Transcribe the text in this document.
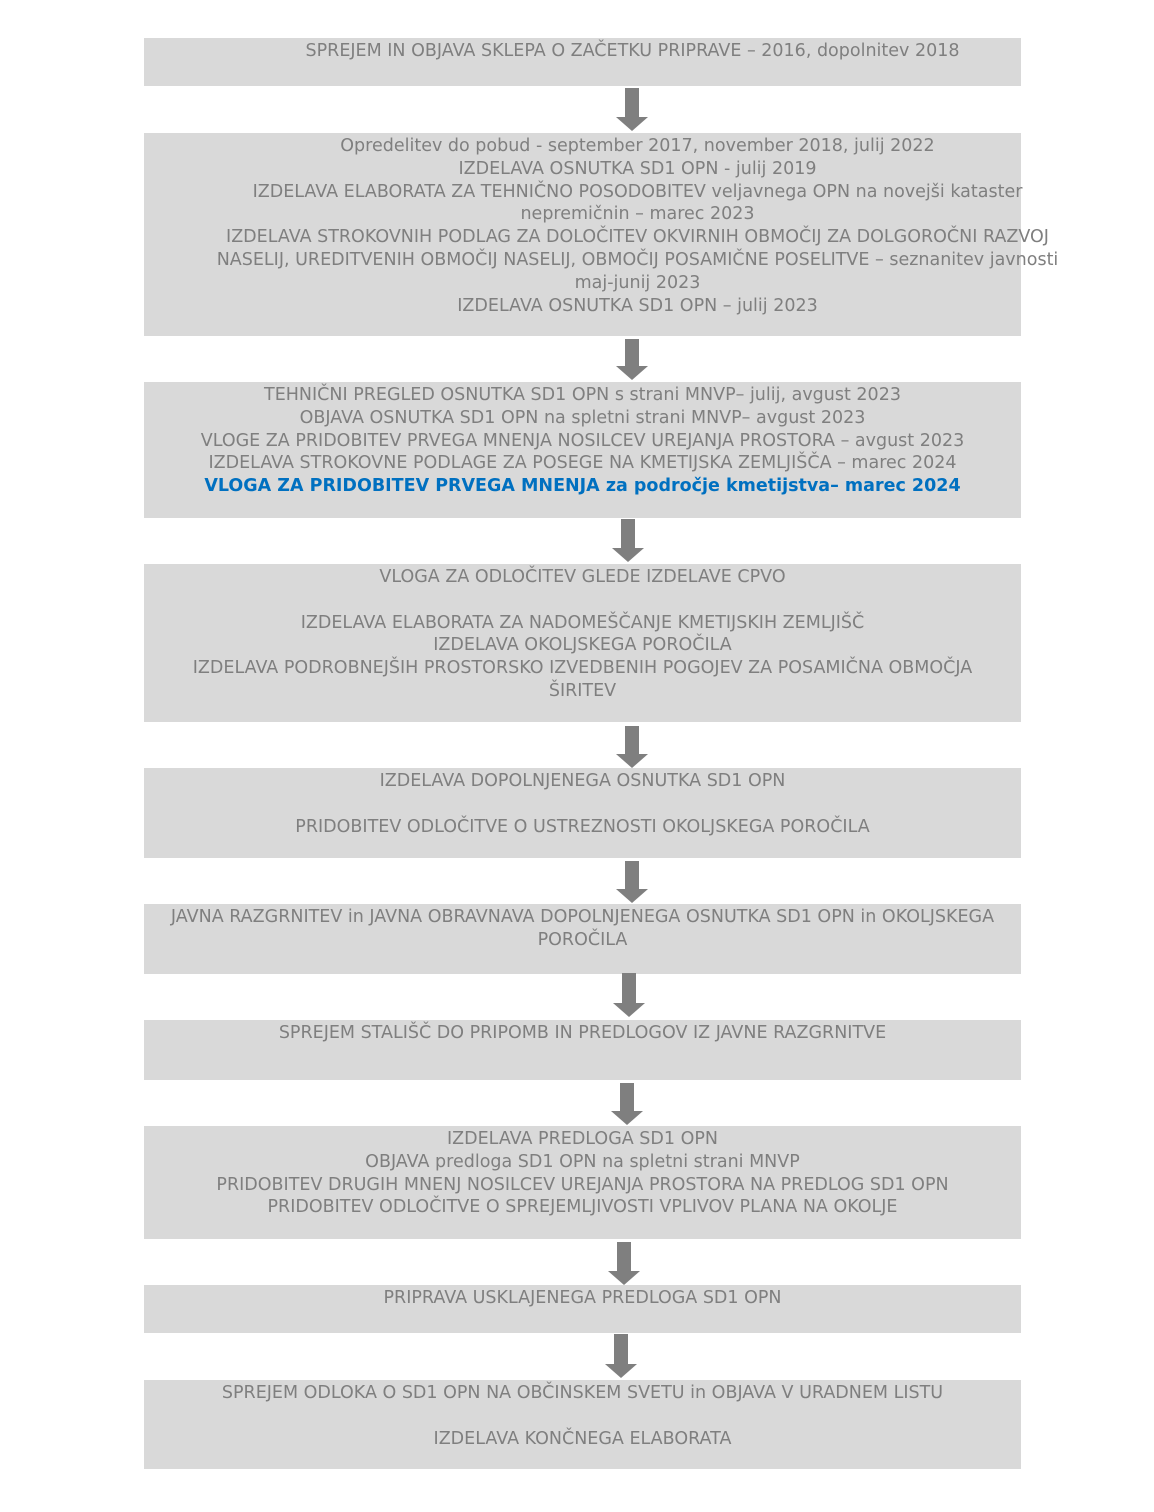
SPREJEM IN OBJAVA SKLEPA O ZAČETKU PRIPRAVE – 2016, dopolnitev 2018
Opredelitev do pobud - september 2017, november 2018, julij 2022
IZDELAVA OSNUTKA SD1 OPN - julij 2019
IZDELAVA ELABORATA ZA TEHNIČNO POSODOBITEV veljavnega OPN na novejši kataster nepremičnin – marec 2023
IZDELAVA STROKOVNIH PODLAG ZA DOLOČITEV OKVIRNIH OBMOČIJ ZA DOLGOROČNI RAZVOJ NASELIJ, UREDITVENIH OBMOČIJ NASELIJ, OBMOČIJ POSAMIČNE POSELITVE – seznanitev javnosti maj-junij 2023
IZDELAVA OSNUTKA SD1 OPN – julij 2023
TEHNIČNI PREGLED OSNUTKA SD1 OPN s strani MNVP– julij, avgust 2023
OBJAVA OSNUTKA SD1 OPN na spletni strani MNVP– avgust 2023
VLOGE ZA PRIDOBITEV PRVEGA MNENJA NOSILCEV UREJANJA PROSTORA – avgust 2023
IZDELAVA STROKOVNE PODLAGE ZA POSEGE NA KMETIJSKA ZEMLJIŠČA – marec 2024
VLOGA ZA PRIDOBITEV PRVEGA MNENJA za področje kmetijstva– marec 2024
VLOGA ZA ODLOČITEV GLEDE IZDELAVE CPVO
IZDELAVA ELABORATA ZA NADOMEŠČANJE KMETIJSKIH ZEMLJIŠČ
IZDELAVA OKOLJSKEGA POROČILA
IZDELAVA PODROBNEJŠIH PROSTORSKO IZVEDBENIH POGOJEV ZA POSAMIČNA OBMOČJA ŠIRITEV
IZDELAVA DOPOLNJENEGA OSNUTKA SD1 OPN
PRIDOBITEV ODLOČITVE O USTREZNOSTI OKOLJSKEGA POROČILA
JAVNA RAZGRNITEV in JAVNA OBRAVNAVA DOPOLNJENEGA OSNUTKA SD1 OPN in OKOLJSKEGA POROČILA
SPREJEM STALIŠČ DO PRIPOMB IN PREDLOGOV IZ JAVNE RAZGRNITVE
IZDELAVA PREDLOGA SD1 OPN
OBJAVA predloga SD1 OPN na spletni strani MNVP
PRIDOBITEV DRUGIH MNENJ NOSILCEV UREJANJA PROSTORA NA PREDLOG SD1 OPN
PRIDOBITEV ODLOČITVE O SPREJEMLJIVOSTI VPLIVOV PLANA NA OKOLJE
PRIPRAVA USKLAJENEGA PREDLOGA SD1 OPN
SPREJEM ODLOKA O SD1 OPN NA OBČINSKEM SVETU in OBJAVA V URADNEM LISTU
IZDELAVA KONČNEGA ELABORATA
